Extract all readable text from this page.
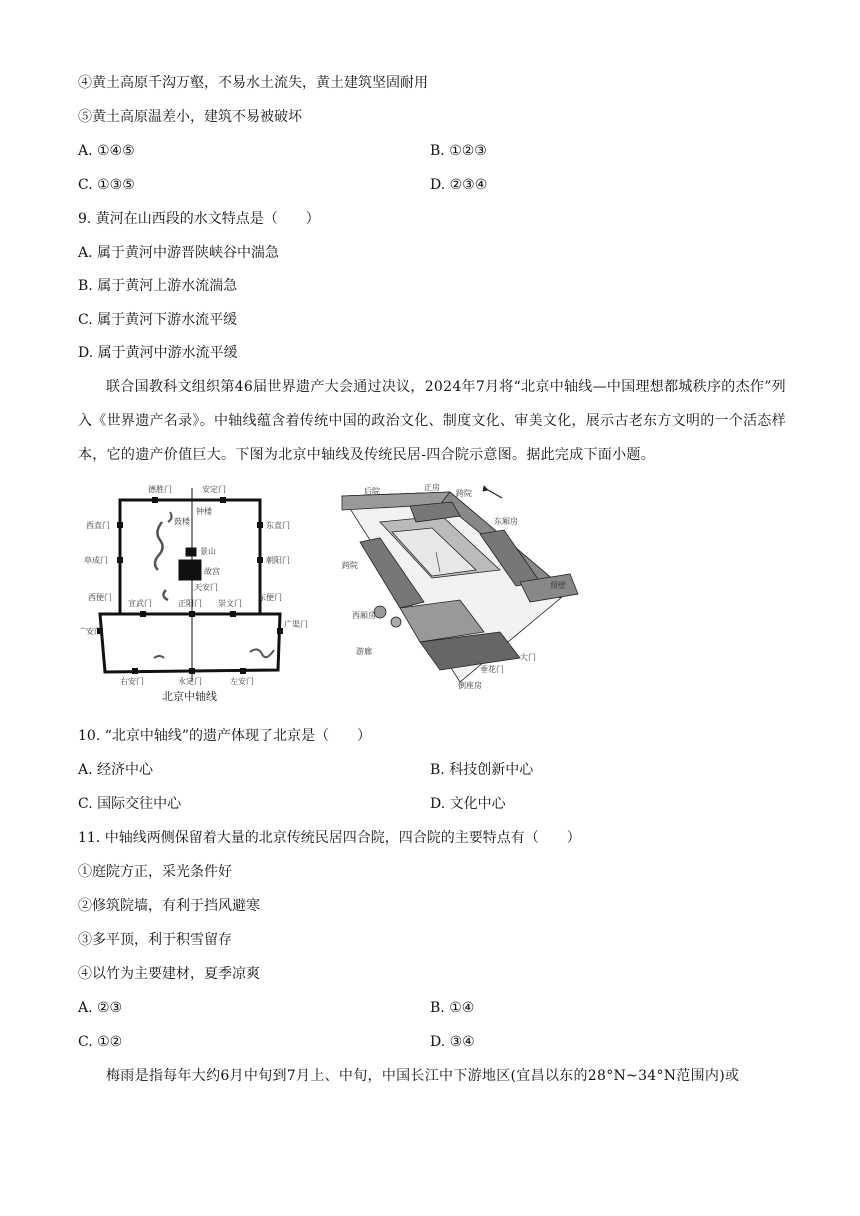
④黄土高原千沟万壑，不易水土流失，黄土建筑坚固耐用
⑤黄土高原温差小，建筑不易被破坏
A. ①④⑤	B. ①②③
C. ①③⑤	D. ②③④
9. 黄河在山西段的水文特点是（　　）
A. 属于黄河中游晋陕峡谷中湍急
B. 属于黄河上游水流湍急
C. 属于黄河下游水流平缓
D. 属于黄河中游水流平缓
联合国教科文组织第46届世界遗产大会通过决议，2024年7月将“北京中轴线—中国理想都城秩序的杰作”列入《世界遗产名录》。中轴线蕴含着传统中国的政治文化、制度文化、审美文化，展示古老东方文明的一个活态样本，它的遗产价值巨大。下图为北京中轴线及传统民居-四合院示意图。据此完成下面小题。
德胜门	安定门
西直门	东直门
阜成门	朝阳门
西便门	东便门
宣武门	正阳门 崇文门
广安门
广渠门
右安门	永定门	左安门
钟楼
鼓楼
景山
故宫
天安门
北京中轴线
后院	正房
跨院
东厢房
跨院
照壁
西厢房
游廊
垂花门
大门
倒座房
10. “北京中轴线”的遗产体现了北京是（　　）
A. 经济中心	B. 科技创新中心
C. 国际交往中心	D. 文化中心
11. 中轴线两侧保留着大量的北京传统民居四合院，四合院的主要特点有（　　）
①庭院方正，采光条件好
②修筑院墙，有利于挡风避寒
③多平顶，利于积雪留存
④以竹为主要建材，夏季凉爽
A. ②③	B. ①④
C. ①②	D. ③④
梅雨是指每年大约6月中旬到7月上、中旬，中国长江中下游地区(宜昌以东的28°N~34°N范围内)或
